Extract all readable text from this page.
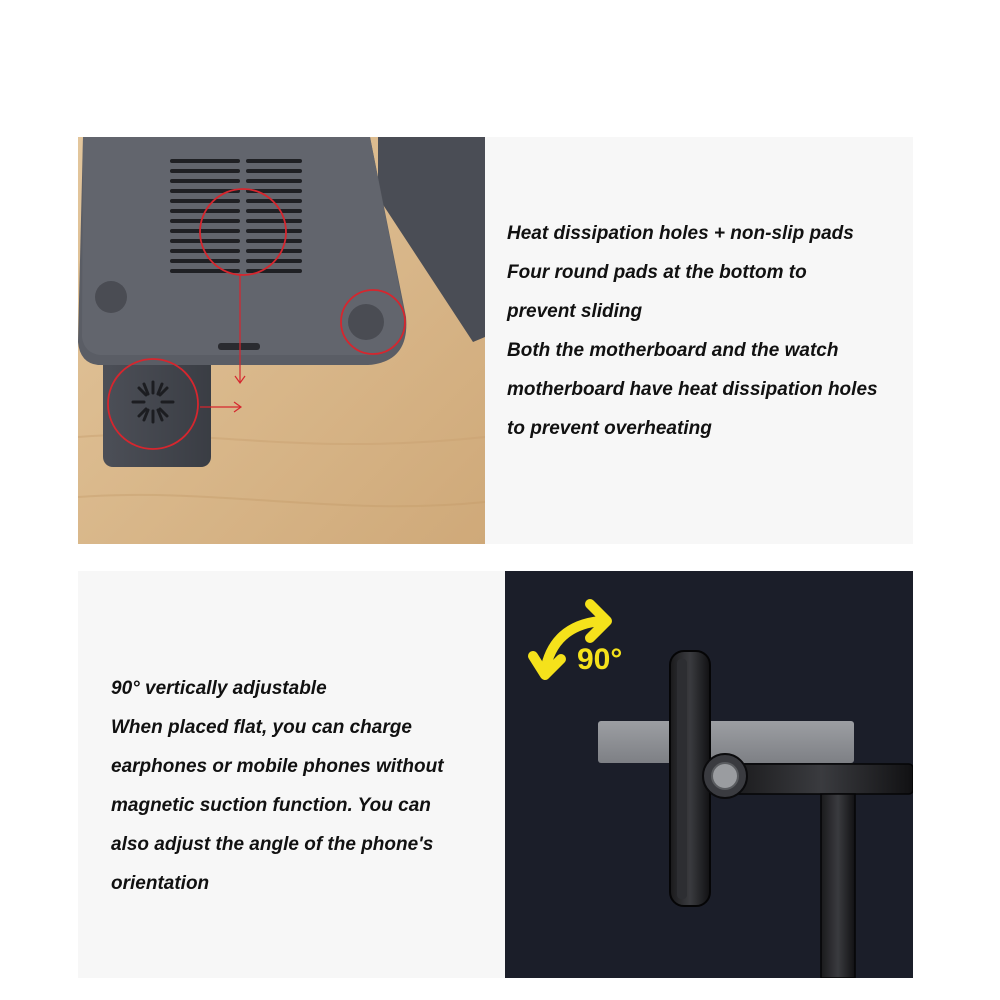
Heat dissipation holes + non-slip pads
Four round pads at the bottom to
prevent sliding
Both the motherboard and the watch
motherboard have heat dissipation holes
to prevent overheating
90° vertically adjustable
When placed flat, you can charge
earphones or mobile phones without
magnetic suction function. You can
also adjust the angle of the phone's
orientation
90°
